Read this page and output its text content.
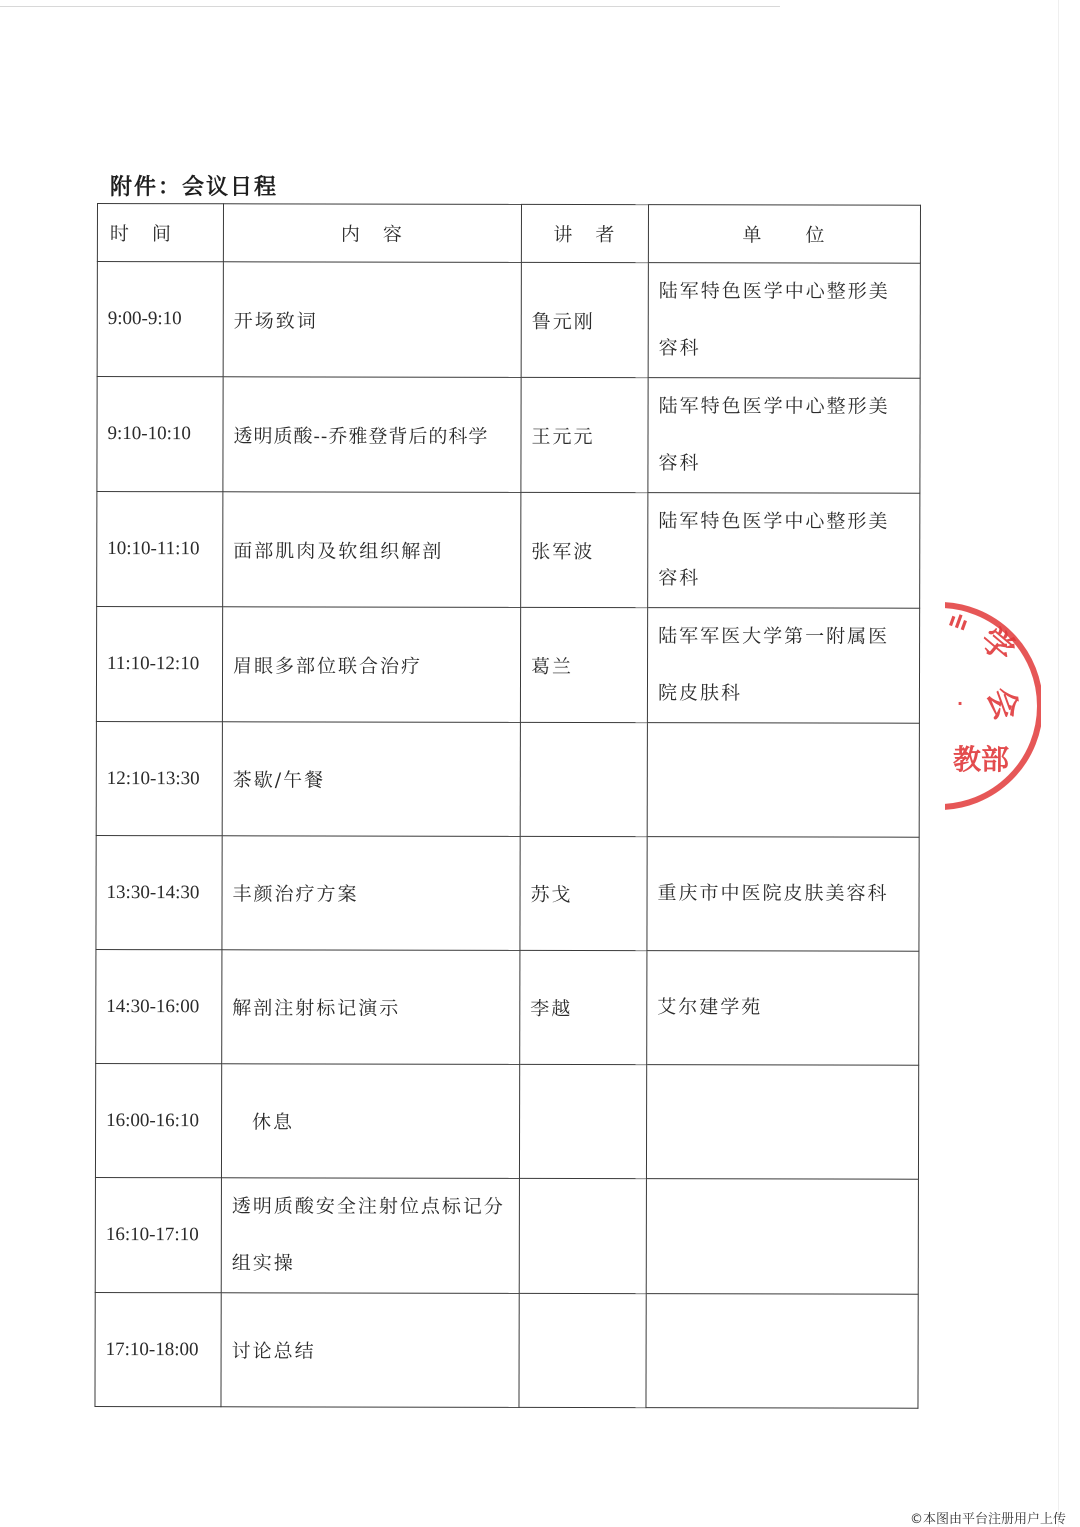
附件：会议日程
时　间	内　容	讲　者	单　　位
9:00-9:10	开场致词	鲁元刚	陆军特色医学中心整形美容科
9:10-10:10	透明质酸--乔雅登背后的科学	王元元	陆军特色医学中心整形美容科
10:10-11:10	面部肌肉及软组织解剖	张军波	陆军特色医学中心整形美容科
11:10-12:10	眉眼多部位联合治疗	葛兰	陆军军医大学第一附属医院皮肤科
12:10-13:30	茶歇/午餐		
13:30-14:30	丰颜治疗方案	苏戈	重庆市中医院皮肤美容科
14:30-16:00	解剖注射标记演示	李越	艾尔建学苑
16:00-16:10	休息		
16:10-17:10	透明质酸安全注射位点标记分组实操		
17:10-18:00	讨论总结		
学
会
教部
ılı
·
©本图由平台注册用户上传
